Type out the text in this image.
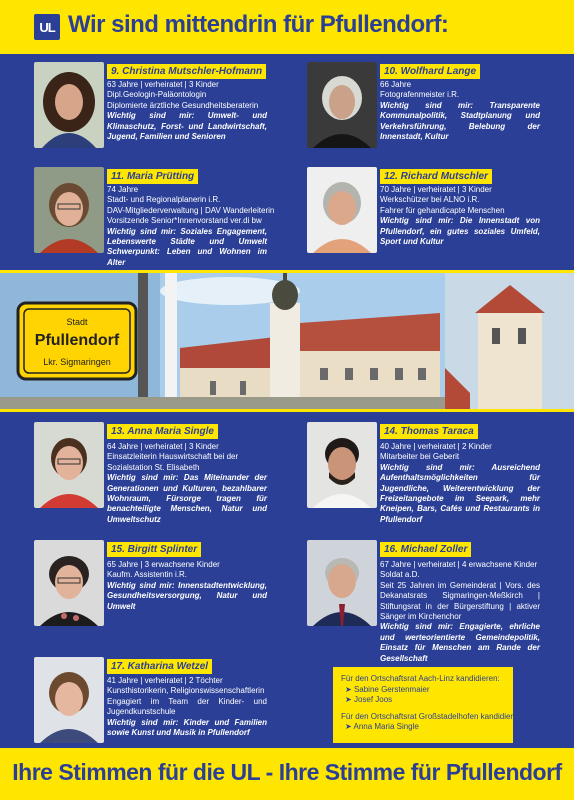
UL Wir sind mittendrin für Pfullendorf:
9. Christina Mutschler-Hofmann
63 Jahre | verheiratet | 3 Kinder
Dipl.Geologin-Paläontologin
Diplomierte ärztliche Gesundheitsberaterin
Wichtig sind mir: Umwelt- und Klimaschutz, Forst- und Landwirtschaft, Jugend, Familien und Senioren
10. Wolfhard Lange
66 Jahre
Fotografenmeister i.R.
Wichtig sind mir: Transparente Kommunalpolitik, Stadtplanung und Verkehrsführung, Belebung der Innenstadt, Kultur
11. Maria Prütting
74 Jahre
Stadt- und Regionalplanerin i.R.
DAV-Mitgliederverwaltung | DAV Wanderleiterin
Vorsitzende Senior*Innenvorstand ver.di bw
Wichtig sind mir: Soziales Engagement, Lebenswerte Städte und Umwelt Schwerpunkt: Leben und Wohnen im Alter
12. Richard Mutschler
70 Jahre | verheiratet | 3 Kinder
Werkschützer bei ALNO i.R.
Fahrer für gehandicapte Menschen
Wichtig sind mir: Die Innenstadt von Pfullendorf, ein gutes soziales Umfeld, Sport und Kultur
Stadt
Pfullendorf
Lkr. Sigmaringen
13. Anna Maria Single
64 Jahre | verheiratet | 3 Kinder
Einsatzleiterin Hauswirtschaft bei der
Sozialstation St. Elisabeth
Wichtig sind mir: Das Miteinander der Generationen und Kulturen, bezahlbarer Wohnraum, Fürsorge tragen für benachteiligte Menschen, Natur und Umweltschutz
14. Thomas Taraca
40 Jahre | verheiratet | 2 Kinder
Mitarbeiter bei Geberit
Wichtig sind mir: Ausreichend Aufenthaltsmöglichkeiten für Jugendliche, Weiterentwicklung der Freizeitangebote im Seepark, mehr Kneipen, Bars, Cafés und Restaurants in Pfullendorf
15. Birgitt Splinter
65 Jahre | 3 erwachsene Kinder
Kaufm. Assistentin i.R.
Wichtig sind mir: Innenstadtentwicklung, Gesundheitsversorgung, Natur und Umwelt
16. Michael Zoller
67 Jahre | verheiratet | 4 erwachsene Kinder
Soldat a.D.
Seit 25 Jahren im Gemeinderat | Vors. des Dekanatsrats Sigmaringen-Meßkirch | Stiftungsrat in der Bürgerstiftung | aktiver Sänger im Kirchenchor
Wichtig sind mir: Engagierte, ehrliche und werteorientierte Gemeindepolitik, Einsatz für Menschen am Rande der Gesellschaft
17. Katharina Wetzel
41 Jahre | verheiratet | 2 Töchter
Kunsthistorikerin, Religionswissenschaftlerin
Engagiert im Team der Kinder- und Jugendkunstschule
Wichtig sind mir: Kinder und Familien sowie Kunst und Musik in Pfullendorf
Für den Ortschaftsrat Aach-Linz kandidieren:
➤ Sabine Gerstenmaier
➤ Josef Joos
Für den Ortschaftsrat Großstadelhofen kandidiert:
➤ Anna Maria Single
Ihre Stimmen für die UL - Ihre Stimme für Pfullendorf
